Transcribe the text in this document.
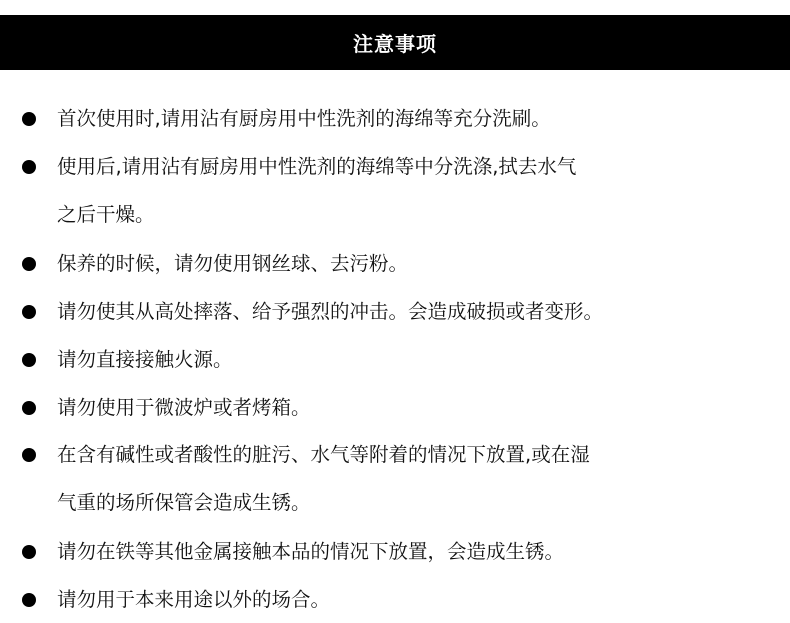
注意事项
首次使用时,请用沾有厨房用中性洗剂的海绵等充分洗刷。
使用后,请用沾有厨房用中性洗剂的海绵等中分洗涤,拭去水气
之后干燥。
保养的时候，请勿使用钢丝球、去污粉。
请勿使其从高处摔落、给予强烈的冲击。会造成破损或者变形。
请勿直接接触火源。
请勿使用于微波炉或者烤箱。
在含有碱性或者酸性的脏污、水气等附着的情况下放置,或在湿
气重的场所保管会造成生锈。
请勿在铁等其他金属接触本品的情况下放置，会造成生锈。
请勿用于本来用途以外的场合。
